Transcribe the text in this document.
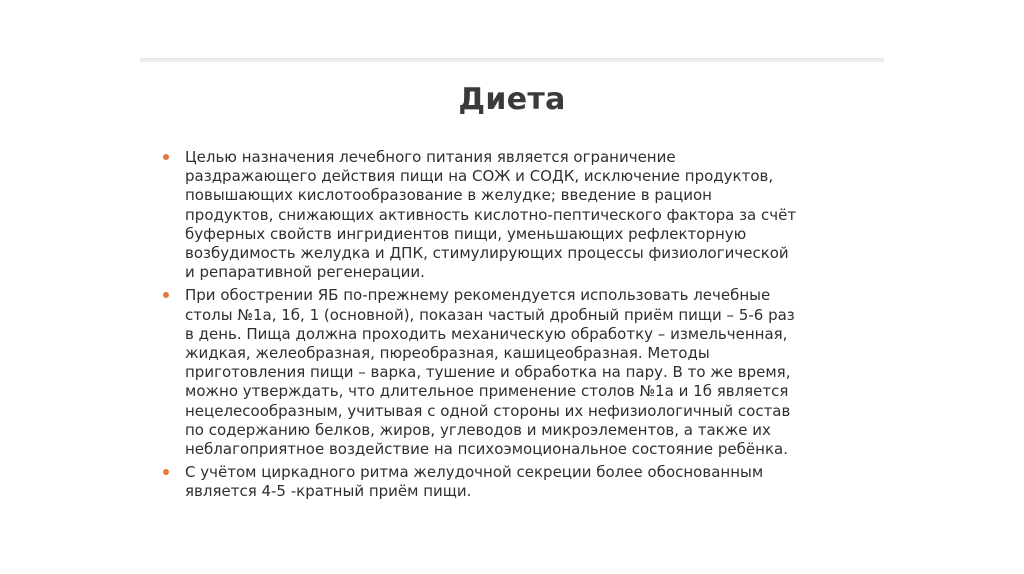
Диета
Целью назначения лечебного питания является ограничение
раздражающего действия пищи на СОЖ и СОДК, исключение продуктов,
повышающих кислотообразование в желудке; введение в рацион
продуктов, снижающих активность кислотно-пептического фактора за счёт
буферных свойств ингридиентов пищи, уменьшающих рефлекторную
возбудимость желудка и ДПК, стимулирующих процессы физиологической
и репаративной регенерации.
При обострении ЯБ по-прежнему рекомендуется использовать лечебные
столы №1а, 1б, 1 (основной), показан частый дробный приём пищи – 5-6 раз
в день. Пища должна проходить механическую обработку – измельченная,
жидкая, желеобразная, пюреобразная, кашицеобразная. Методы
приготовления пищи – варка, тушение и обработка на пару. В то же время,
можно утверждать, что длительное применение столов №1а и 1б является
нецелесообразным, учитывая с одной стороны их нефизиологичный состав
по содержанию белков, жиров, углеводов и микроэлементов, а также их
неблагоприятное воздействие на психоэмоциональное состояние ребёнка.
С учётом циркадного ритма желудочной секреции более обоснованным
является 4-5 -кратный приём пищи.
